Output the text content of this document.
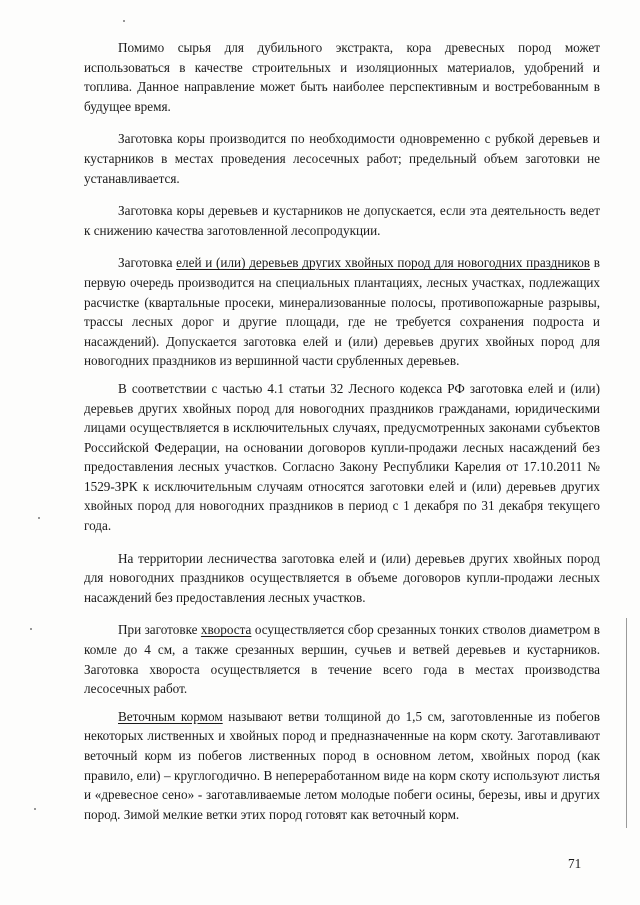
Помимо сырья для дубильного экстракта, кора древесных пород может использоваться в качестве строительных и изоляционных материалов, удобрений и топлива. Данное направление может быть наиболее перспективным и востребованным в будущее время.

Заготовка коры производится по необходимости одновременно с рубкой деревьев и кустарников в местах проведения лесосечных работ; предельный объем заготовки не устанавливается.

Заготовка коры деревьев и кустарников не допускается, если эта деятельность ведет к снижению качества заготовленной лесопродукции.

Заготовка елей и (или) деревьев других хвойных пород для новогодних праздников в первую очередь производится на специальных плантациях, лесных участках, подлежащих расчистке (квартальные просеки, минерализованные полосы, противопожарные разрывы, трассы лесных дорог и другие площади, где не требуется сохранения подроста и насаждений). Допускается заготовка елей и (или) деревьев других хвойных пород для новогодних праздников из вершинной части срубленных деревьев.

В соответствии с частью 4.1 статьи 32 Лесного кодекса РФ заготовка елей и (или) деревьев других хвойных пород для новогодних праздников гражданами, юридическими лицами осуществляется в исключительных случаях, предусмотренных законами субъектов Российской Федерации, на основании договоров купли-продажи лесных насаждений без предоставления лесных участков. Согласно Закону Республики Карелия от 17.10.2011 № 1529-ЗРК к исключительным случаям относятся заготовки елей и (или) деревьев других хвойных пород для новогодних праздников в период с 1 декабря по 31 декабря текущего года.

На территории лесничества заготовка елей и (или) деревьев других хвойных пород для новогодних праздников осуществляется в объеме договоров купли-продажи лесных насаждений без предоставления лесных участков.

При заготовке хвороста осуществляется сбор срезанных тонких стволов диаметром в комле до 4 см, а также срезанных вершин, сучьев и ветвей деревьев и кустарников. Заготовка хвороста осуществляется в течение всего года в местах производства лесосечных работ.

Веточным кормом называют ветви толщиной до 1,5 см, заготовленные из побегов некоторых лиственных и хвойных пород и предназначенные на корм скоту. Заготавливают веточный корм из побегов лиственных пород в основном летом, хвойных пород (как правило, ели) – круглогодично. В непереработанном виде на корм скоту используют листья и «древесное сено» - заготавливаемые летом молодые побеги осины, березы, ивы и других пород. Зимой мелкие ветки этих пород готовят как веточный корм.

71
